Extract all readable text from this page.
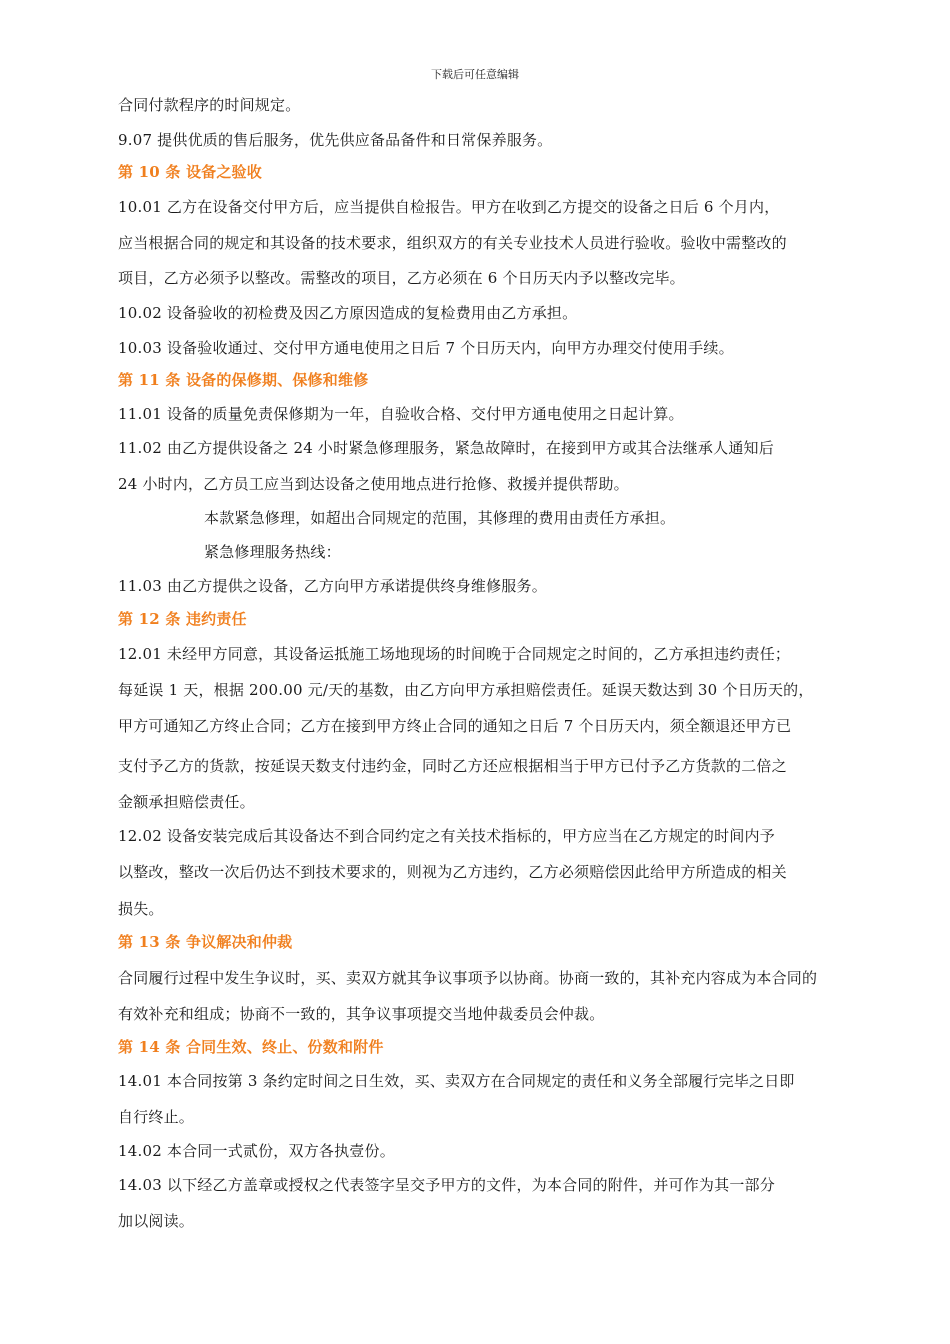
下载后可任意编辑
合同付款程序的时间规定。
9.07 提供优质的售后服务，优先供应备品备件和日常保养服务。
第 10 条 设备之验收
10.01 乙方在设备交付甲方后，应当提供自检报告。甲方在收到乙方提交的设备之日后 6 个月内，
应当根据合同的规定和其设备的技术要求，组织双方的有关专业技术人员进行验收。验收中需整改的
项目，乙方必须予以整改。需整改的项目，乙方必须在 6 个日历天内予以整改完毕。
10.02 设备验收的初检费及因乙方原因造成的复检费用由乙方承担。
10.03 设备验收通过、交付甲方通电使用之日后 7 个日历天内，向甲方办理交付使用手续。
第 11 条 设备的保修期、保修和维修
11.01 设备的质量免责保修期为一年，自验收合格、交付甲方通电使用之日起计算。
11.02 由乙方提供设备之 24 小时紧急修理服务，紧急故障时，在接到甲方或其合法继承人通知后
24 小时内，乙方员工应当到达设备之使用地点进行抢修、救援并提供帮助。
本款紧急修理，如超出合同规定的范围，其修理的费用由责任方承担。
紧急修理服务热线：
11.03 由乙方提供之设备，乙方向甲方承诺提供终身维修服务。
第 12 条 违约责任
12.01 未经甲方同意，其设备运抵施工场地现场的时间晚于合同规定之时间的，乙方承担违约责任；
每延误 1 天，根据 200.00 元/天的基数，由乙方向甲方承担赔偿责任。延误天数达到 30 个日历天的，
甲方可通知乙方终止合同；乙方在接到甲方终止合同的通知之日后 7 个日历天内，须全额退还甲方已
支付予乙方的货款，按延误天数支付违约金，同时乙方还应根据相当于甲方已付予乙方货款的二倍之
金额承担赔偿责任。
12.02 设备安装完成后其设备达不到合同约定之有关技术指标的，甲方应当在乙方规定的时间内予
以整改，整改一次后仍达不到技术要求的，则视为乙方违约，乙方必须赔偿因此给甲方所造成的相关
损失。
第 13 条 争议解决和仲裁
合同履行过程中发生争议时，买、卖双方就其争议事项予以协商。协商一致的，其补充内容成为本合同的
有效补充和组成；协商不一致的，其争议事项提交当地仲裁委员会仲裁。
第 14 条 合同生效、终止、份数和附件
14.01 本合同按第 3 条约定时间之日生效，买、卖双方在合同规定的责任和义务全部履行完毕之日即
自行终止。
14.02 本合同一式贰份，双方各执壹份。
14.03 以下经乙方盖章或授权之代表签字呈交予甲方的文件，为本合同的附件，并可作为其一部分
加以阅读。
